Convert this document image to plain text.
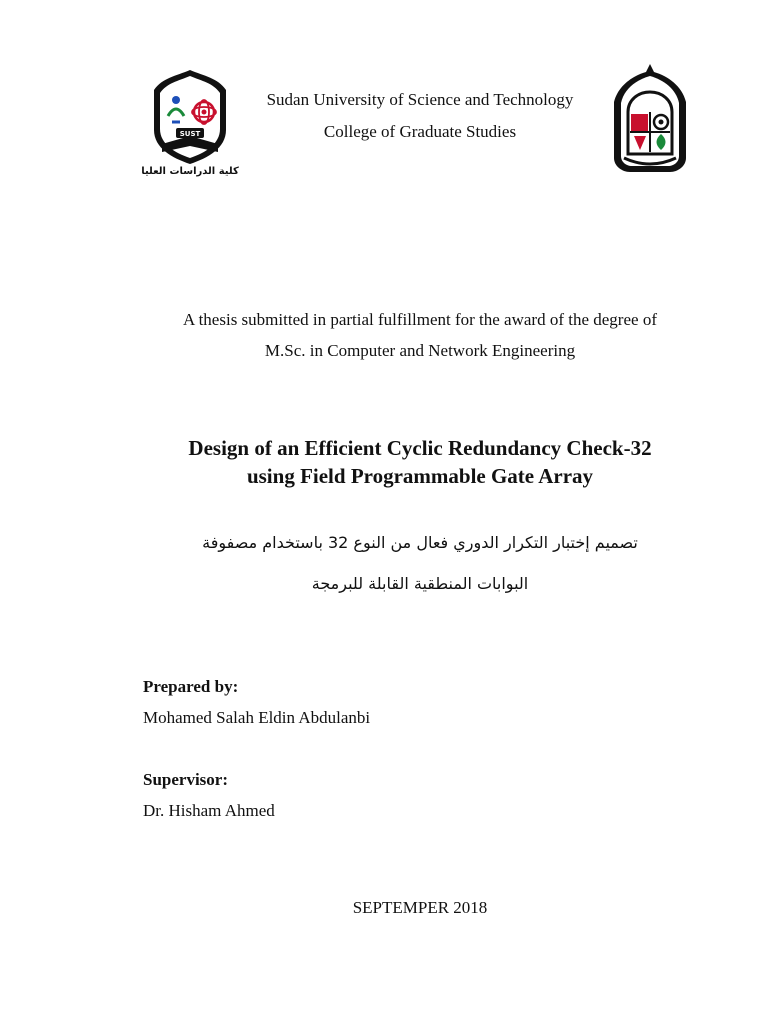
SUST
كلية الدراسات العليا
Sudan University of Science and Technology
College of Graduate Studies
A thesis submitted in partial fulfillment for the award of the degree of
M.Sc. in Computer and Network Engineering
Design of an Efficient Cyclic Redundancy Check-32
using Field Programmable Gate Array
تصميم إختبار التكرار الدوري فعال من النوع 32 باستخدام مصفوفة
البوابات المنطقية القابلة للبرمجة
Prepared by:
Mohamed Salah Eldin Abdulanbi
Supervisor:
Dr. Hisham Ahmed
SEPTEMPER 2018
